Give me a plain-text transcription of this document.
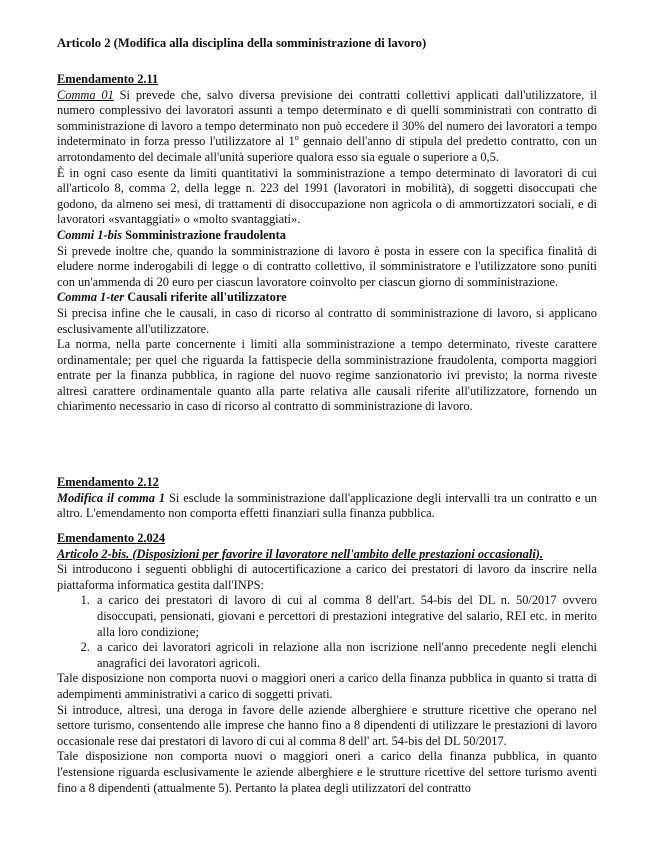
Articolo 2 (Modifica alla disciplina della somministrazione di lavoro)

Emendamento 2.11

Comma 01 Si prevede che, salvo diversa previsione dei contratti collettivi applicati dall'utilizzatore, il numero complessivo dei lavoratori assunti a tempo determinato e di quelli somministrati con contratto di somministrazione di lavoro a tempo determinato non può eccedere il 30% del numero dei lavoratori a tempo indeterminato in forza presso l'utilizzatore al 1$^o$ gennaio dell'anno di stipula del predetto contratto, con un arrotondamento del decimale all'unità superiore qualora esso sia eguale o superiore a 0,5.

È in ogni caso esente da limiti quantitativi la somministrazione a tempo determinato di lavoratori di cui all'articolo 8, comma 2, della legge n. 223 del 1991 (lavoratori in mobilità), di soggetti disoccupati che godono, da almeno sei mesi, di trattamenti di disoccupazione non agricola o di ammortizzatori sociali, e di lavoratori «svantaggiati» o «molto svantaggiati».

Commi 1-bis Somministrazione fraudolenta

Si prevede inoltre che, quando la somministrazione di lavoro è posta in essere con la specifica finalità di eludere norme inderogabili di legge o di contratto collettivo, il somministratore e l'utilizzatore sono puniti con un'ammenda di 20 euro per ciascun lavoratore coinvolto per ciascun giorno di somministrazione.

Comma 1-ter Causali riferite all'utilizzatore

Si precisa infine che le causali, in caso di ricorso al contratto di somministrazione di lavoro, si applicano esclusivamente all'utilizzatore.

La norma, nella parte concernente i limiti alla somministrazione a tempo determinato, riveste carattere ordinamentale; per quel che riguarda la fattispecie della somministrazione fraudolenta, comporta maggiori entrate per la finanza pubblica, in ragione del nuovo regime sanzionatorio ivi previsto; la norma riveste altresì carattere ordinamentale quanto alla parte relativa alle causali riferite all'utilizzatore, fornendo un chiarimento necessario in caso di ricorso al contratto di somministrazione di lavoro.

Emendamento 2.12

Modifica il comma 1 Si esclude la somministrazione dall'applicazione degli intervalli tra un contratto e un altro. L'emendamento non comporta effetti finanziari sulla finanza pubblica.

Emendamento 2.024

Articolo 2-bis. (Disposizioni per favorire il lavoratore nell'ambito delle prestazioni occasionali).

Si introducono i seguenti obblighi di autocertificazione a carico dei prestatori di lavoro da inscrire nella piattaforma informatica gestita dall'INPS:

1. a carico dei prestatori di lavoro di cui al comma 8 dell'art. 54-bis del DL n. 50/2017 ovvero disoccupati, pensionati, giovani e percettori di prestazioni integrative del salario, REI etc. in merito alla loro condizione;
2. a carico dei lavoratori agricoli in relazione alla non iscrizione nell'anno precedente negli elenchi anagrafici dei lavoratori agricoli.

Tale disposizione non comporta nuovi o maggiori oneri a carico della finanza pubblica in quanto si tratta di adempimenti amministrativi a carico di soggetti privati.

Si introduce, altresì, una deroga in favore delle aziende alberghiere e strutture ricettive che operano nel settore turismo, consentendo alle imprese che hanno fino a 8 dipendenti di utilizzare le prestazioni di lavoro occasionale rese dai prestatori di lavoro di cui al comma 8 dell' art. 54-bis del DL 50/2017.

Tale disposizione non comporta nuovi o maggiori oneri a carico della finanza pubblica, in quanto l'estensione riguarda esclusivamente le aziende alberghiere e le strutture ricettive del settore turismo aventi fino a 8 dipendenti (attualmente 5). Pertanto la platea degli utilizzatori del contratto
